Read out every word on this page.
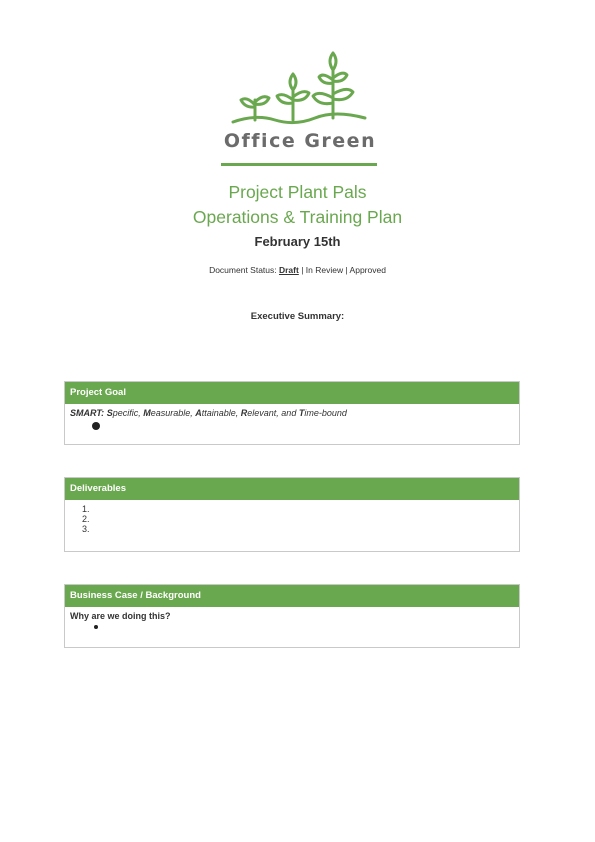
Office Green
Project Plant Pals
Operations & Training Plan
February 15th
Document Status: Draft | In Review | Approved
Executive Summary:
Project Goal
SMART: Specific, Measurable, Attainable, Relevant, and Time-bound
Deliverables
1.
2.
3.
Business Case / Background
Why are we doing this?
